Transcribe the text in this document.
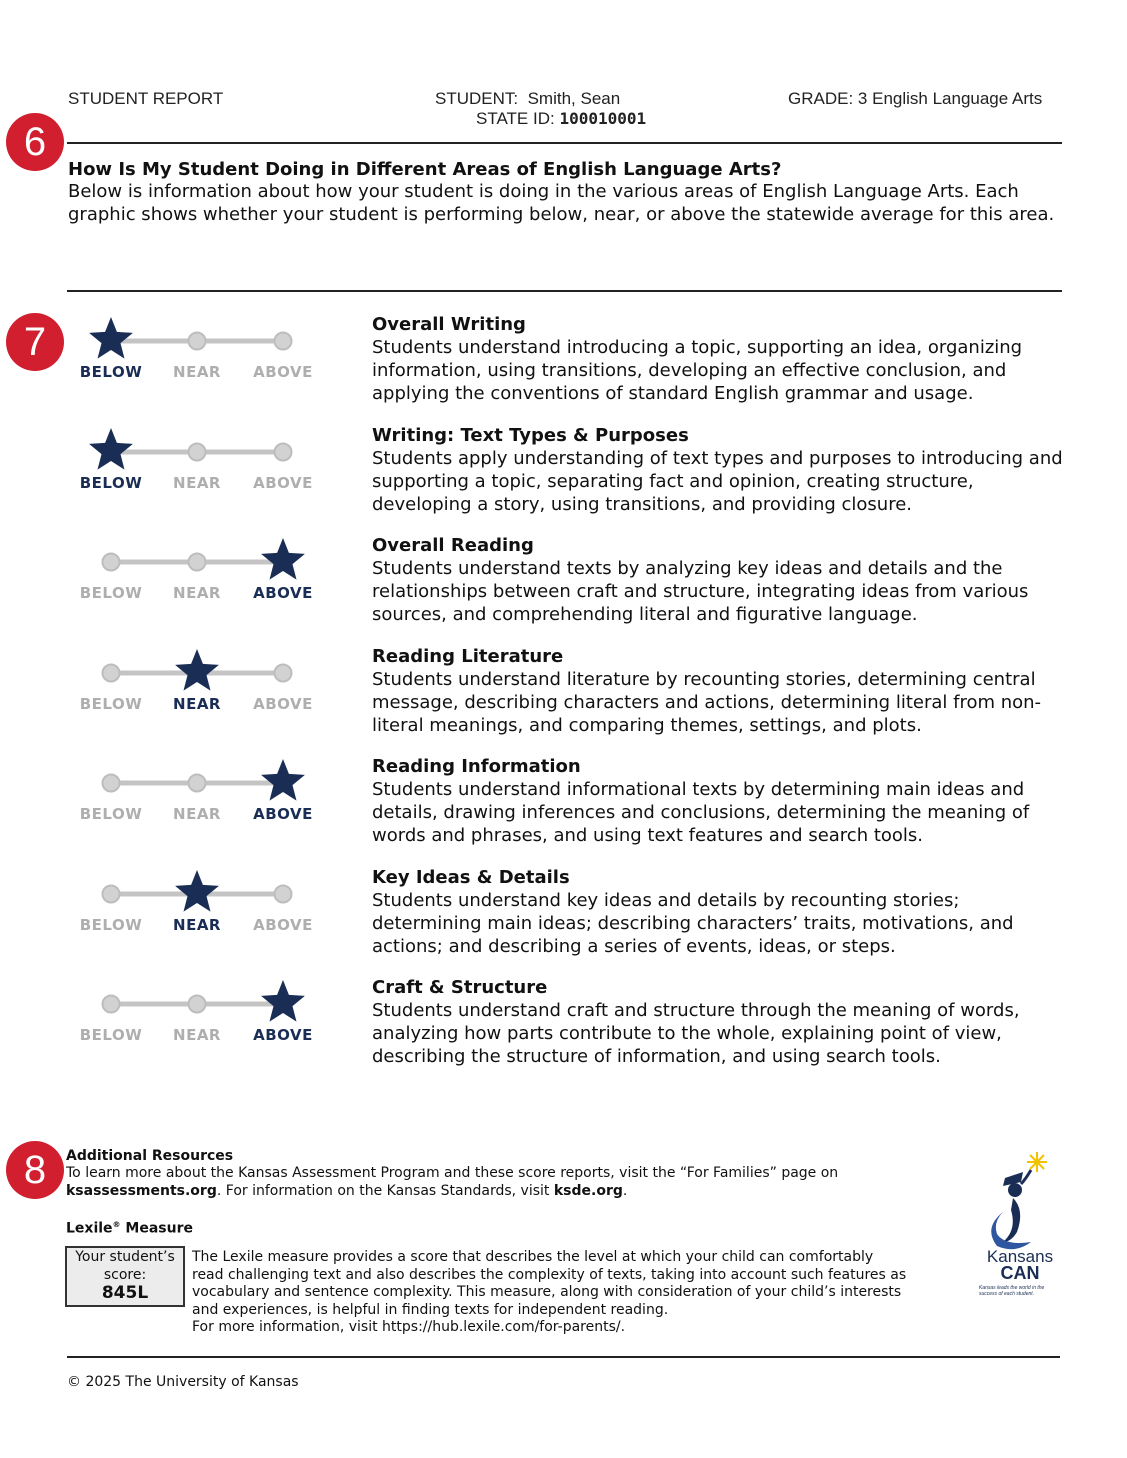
STUDENT REPORT	STUDENT: Smith, Sean
STATE ID: 100010001
GRADE: 3 English Language Arts
6
How Is My Student Doing in Different Areas of English Language Arts?
Below is information about how your student is doing in the various areas of English Language Arts. Each graphic shows whether your student is performing below, near, or above the statewide average for this area.
7
BELOW	NEAR	ABOVE
Overall Writing
Students understand introducing a topic, supporting an idea, organizing information, using transitions, developing an effective conclusion, and applying the conventions of standard English grammar and usage.
BELOW	NEAR	ABOVE
Writing: Text Types & Purposes
Students apply understanding of text types and purposes to introducing and supporting a topic, separating fact and opinion, creating structure, developing a story, using transitions, and providing closure.
BELOW	NEAR	ABOVE
Overall Reading
Students understand texts by analyzing key ideas and details and the relationships between craft and structure, integrating ideas from various sources, and comprehending literal and figurative language.
BELOW	NEAR	ABOVE
Reading Literature
Students understand literature by recounting stories, determining central message, describing characters and actions, determining literal from non-literal meanings, and comparing themes, settings, and plots.
BELOW	NEAR	ABOVE
Reading Information
Students understand informational texts by determining main ideas and details, drawing inferences and conclusions, determining the meaning of words and phrases, and using text features and search tools.
BELOW	NEAR	ABOVE
Key Ideas & Details
Students understand key ideas and details by recounting stories; determining main ideas; describing characters’ traits, motivations, and actions; and describing a series of events, ideas, or steps.
BELOW	NEAR	ABOVE
Craft & Structure
Students understand craft and structure through the meaning of words, analyzing how parts contribute to the whole, explaining point of view, describing the structure of information, and using search tools.
8	Additional Resources
To learn more about the Kansas Assessment Program and these score reports, visit the “For Families” page on
ksassessments.org. For information on the Kansas Standards, visit ksde.org.
Lexile® Measure
Your student’s
score:
845L
The Lexile measure provides a score that describes the level at which your child can comfortably
read challenging text and also describes the complexity of texts, taking into account such features as
vocabulary and sentence complexity. This measure, along with consideration of your child’s interests
and experiences, is helpful in finding texts for independent reading.
For more information, visit https://hub.lexile.com/for-parents/.
Kansans
CAN
Kansas leads the world in the success of each student.
© 2025 The University of Kansas
